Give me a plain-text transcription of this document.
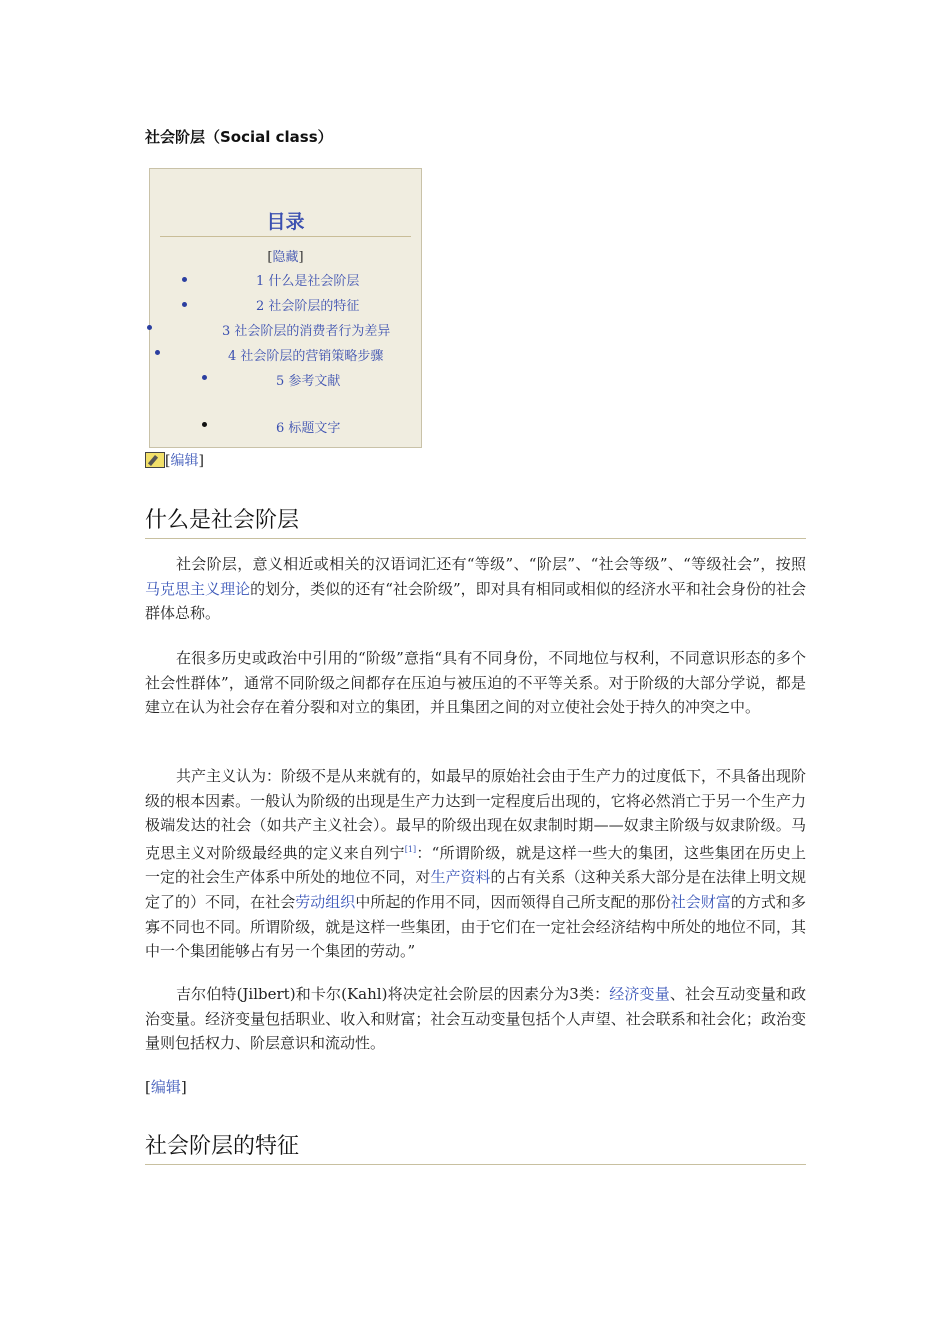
社会阶层（Social class）
目录
[隐藏]
1 什么是社会阶层
2 社会阶层的特征
3 社会阶层的消费者行为差异
4 社会阶层的营销策略步骤
5 参考文献
6 标题文字
[编辑]
什么是社会阶层

社会阶层，意义相近或相关的汉语词汇还有“等级”、“阶层”、“社会等级”、“等级社会”，按照马克思主义理论的划分，类似的还有“社会阶级”，即对具有相同或相似的经济水平和社会身份的社会群体总称。

在很多历史或政治中引用的“阶级”意指“具有不同身份，不同地位与权利，不同意识形态的多个社会性群体”，通常不同阶级之间都存在压迫与被压迫的不平等关系。对于阶级的大部分学说，都是建立在认为社会存在着分裂和对立的集团，并且集团之间的对立使社会处于持久的冲突之中。

共产主义认为：阶级不是从来就有的，如最早的原始社会由于生产力的过度低下，不具备出现阶级的根本因素。一般认为阶级的出现是生产力达到一定程度后出现的，它将必然消亡于另一个生产力极端发达的社会（如共产主义社会）。最早的阶级出现在奴隶制时期——奴隶主阶级与奴隶阶级。马克思主义对阶级最经典的定义来自列宁[1]：“所谓阶级，就是这样一些大的集团，这些集团在历史上一定的社会生产体系中所处的地位不同，对生产资料的占有关系（这种关系大部分是在法律上明文规定了的）不同，在社会劳动组织中所起的作用不同，因而领得自己所支配的那份社会财富的方式和多寡不同也不同。所谓阶级，就是这样一些集团，由于它们在一定社会经济结构中所处的地位不同，其中一个集团能够占有另一个集团的劳动。”

吉尔伯特(Jilbert)和卡尔(Kahl)将决定社会阶层的因素分为3类：经济变量、社会互动变量和政治变量。经济变量包括职业、收入和财富；社会互动变量包括个人声望、社会联系和社会化；政治变量则包括权力、阶层意识和流动性。

[编辑]
社会阶层的特征
